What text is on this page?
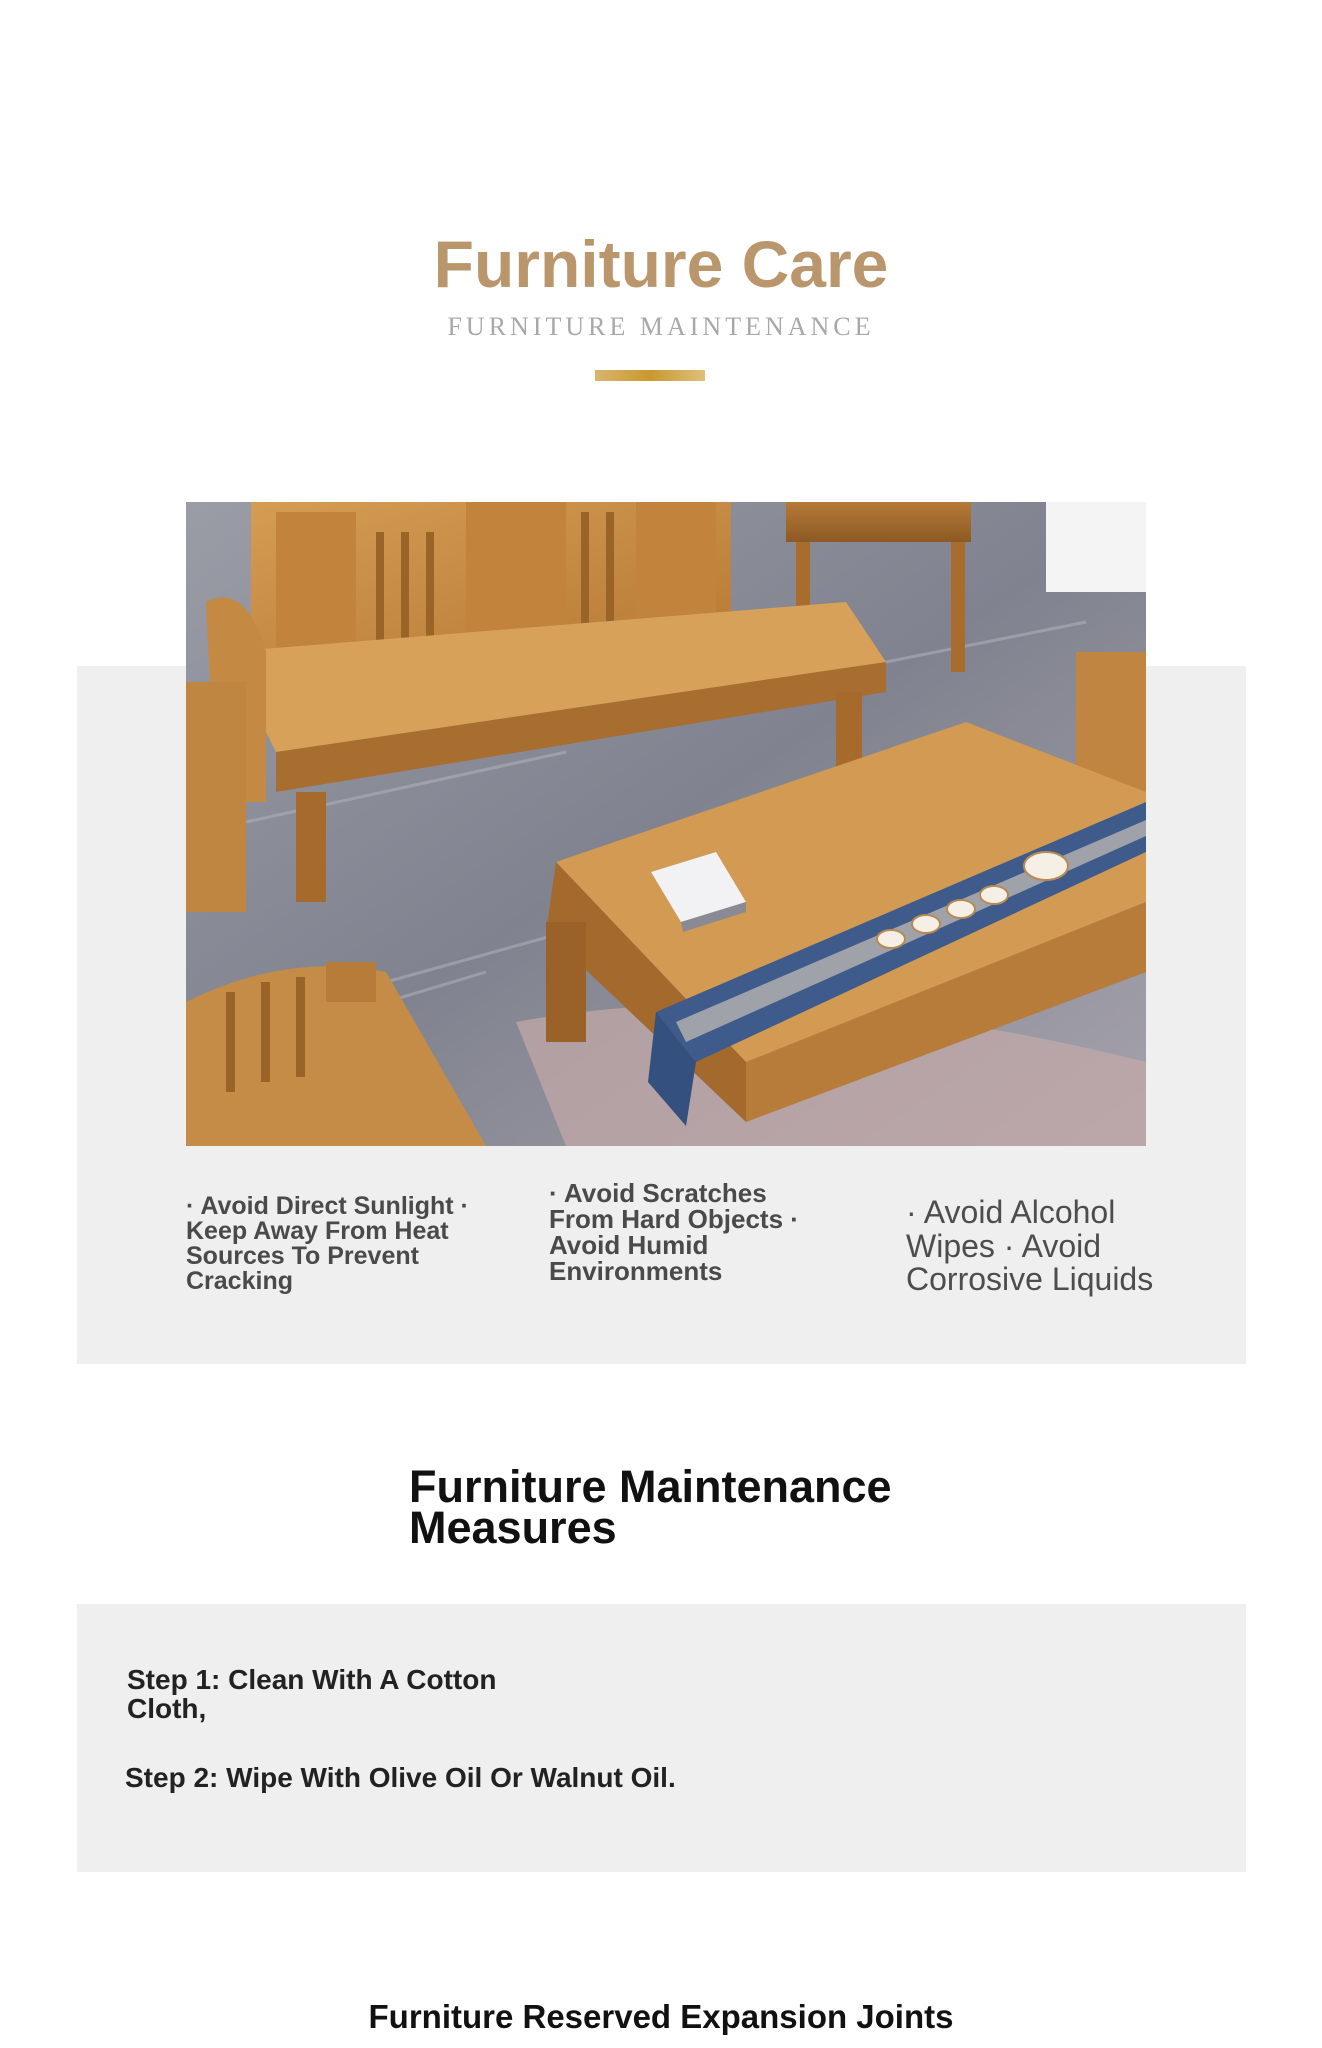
Furniture Care
FURNITURE MAINTENANCE
· Avoid Direct Sunlight · Keep Away From Heat Sources To Prevent Cracking
· Avoid Scratches From Hard Objects · Avoid Humid Environments
· Avoid Alcohol Wipes · Avoid Corrosive Liquids
Furniture Maintenance Measures
Step 1: Clean With A Cotton Cloth,
Step 2: Wipe With Olive Oil Or Walnut Oil.
Furniture Reserved Expansion Joints
